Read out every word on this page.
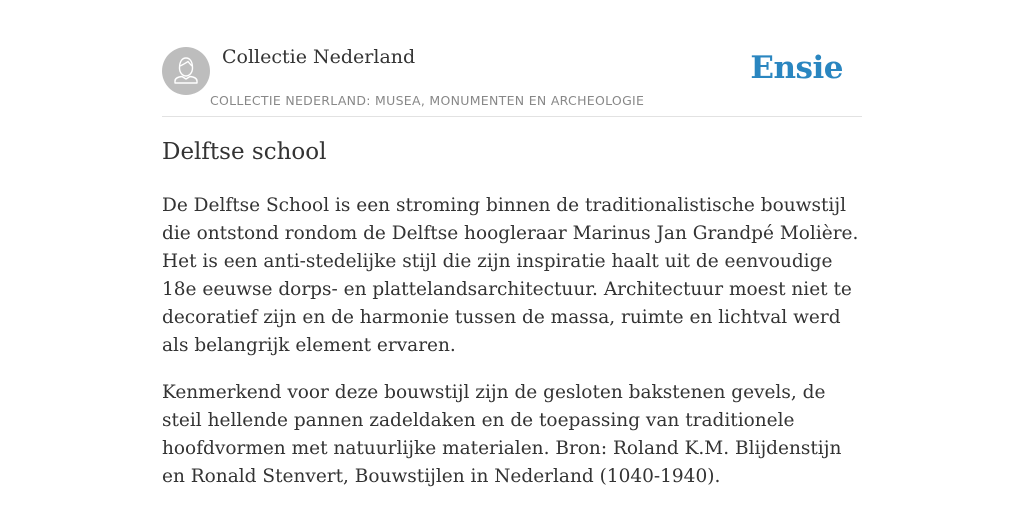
Collectie Nederland
COLLECTIE NEDERLAND: MUSEA, MONUMENTEN EN ARCHEOLOGIE
Ensie
Delftse school

De Delftse School is een stroming binnen de traditionalistische bouwstijl die ontstond rondom de Delftse hoogleraar Marinus Jan Grandpé Molière. Het is een anti-stedelijke stijl die zijn inspiratie haalt uit de eenvoudige 18e eeuwse dorps- en plattelandsarchitectuur. Architectuur moest niet te decoratief zijn en de harmonie tussen de massa, ruimte en lichtval werd als belangrijk element ervaren.

Kenmerkend voor deze bouwstijl zijn de gesloten bakstenen gevels, de steil hellende pannen zadeldaken en de toepassing van traditionele hoofdvormen met natuurlijke materialen. Bron: Roland K.M. Blijdenstijn en Ronald Stenvert, Bouwstijlen in Nederland (1040-1940).
